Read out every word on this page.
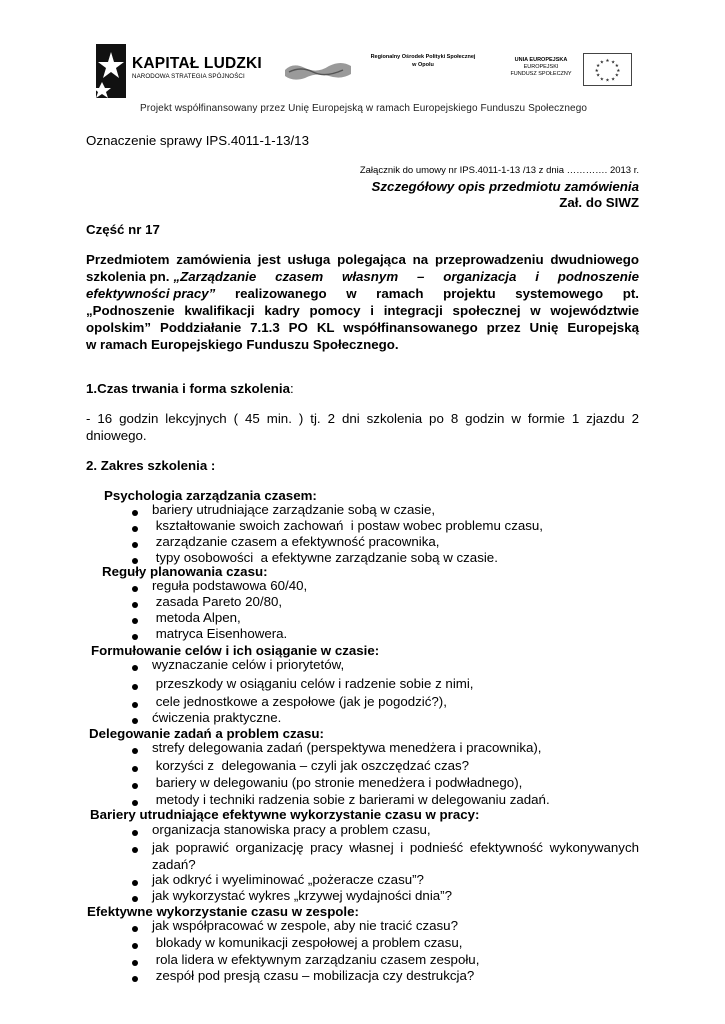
KAPITAŁ LUDZKI
NARODOWA STRATEGIA SPÓJNOŚCI
Regionalny Ośrodek Polityki Społecznej
w Opolu
UNIA EUROPEJSKA
EUROPEJSKI
FUNDUSZ SPOŁECZNY
★ ★
★
★
★
★
★
★
★
★
★
★
Projekt współfinansowany przez Unię Europejską w ramach Europejskiego Funduszu Społecznego
Oznaczenie sprawy IPS.4011-1-13/13
Załącznik do umowy nr IPS.4011-1-13 /13 z dnia …………. 2013 r.
Szczegółowy opis przedmiotu zamówienia
Zał. do SIWZ
Część nr 17
Przedmiotem zamówienia jest usługa polegająca na przeprowadzeniu dwudniowego
szkolenia pn. „Zarządzanie czasem własnym – organizacja i podnoszenie
efektywności pracy” realizowanego w ramach projektu systemowego pt.
„Podnoszenie kwalifikacji kadry pomocy i integracji społecznej w województwie
opolskim” Poddziałanie 7.1.3 PO KL współfinansowanego przez Unię Europejską
w ramach Europejskiego Funduszu Społecznego.
1.Czas trwania i forma szkolenia:
- 16 godzin lekcyjnych ( 45 min. ) tj. 2 dni szkolenia po 8 godzin w formie 1 zjazdu 2
dniowego.
2. Zakres szkolenia :
Psychologia zarządzania czasem:
bariery utrudniające zarządzanie sobą w czasie,
kształtowanie swoich zachowań  i postaw wobec problemu czasu,
zarządzanie czasem a efektywność pracownika,
typy osobowości  a efektywne zarządzanie sobą w czasie.
Reguły planowania czasu:
reguła podstawowa 60/40,
zasada Pareto 20/80,
metoda Alpen,
matryca Eisenhowera.
Formułowanie celów i ich osiąganie w czasie:
wyznaczanie celów i priorytetów,
przeszkody w osiąganiu celów i radzenie sobie z nimi,
cele jednostkowe a zespołowe (jak je pogodzić?),
ćwiczenia praktyczne.
Delegowanie zadań a problem czasu:
strefy delegowania zadań (perspektywa menedżera i pracownika),
korzyści z  delegowania – czyli jak oszczędzać czas?
bariery w delegowaniu (po stronie menedżera i podwładnego),
metody i techniki radzenia sobie z barierami w delegowaniu zadań.
Bariery utrudniające efektywne wykorzystanie czasu w pracy:
organizacja stanowiska pracy a problem czasu,
jak poprawić organizację pracy własnej i podnieść efektywność wykonywanych zadań?
jak odkryć i wyeliminować „pożeracze czasu”?
jak wykorzystać wykres „krzywej wydajności dnia”?
Efektywne wykorzystanie czasu w zespole:
jak współpracować w zespole, aby nie tracić czasu?
blokady w komunikacji zespołowej a problem czasu,
rola lidera w efektywnym zarządzaniu czasem zespołu,
zespół pod presją czasu – mobilizacja czy destrukcja?
